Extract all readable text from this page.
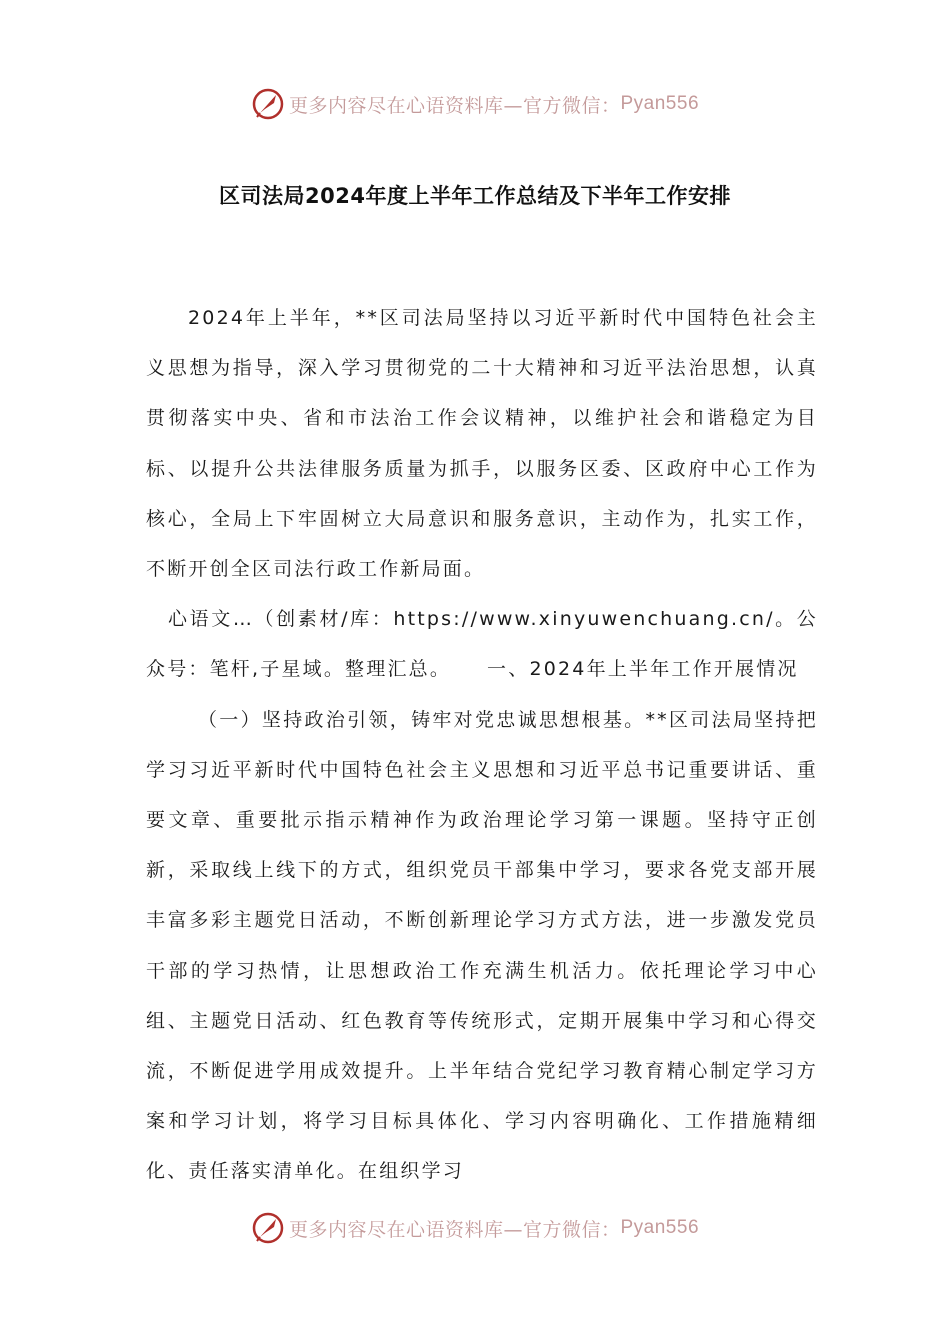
更多内容尽在心语资料库—官方微信： Pyan556
区司法局2024年度上半年工作总结及下半年工作安排

2024年上半年，**区司法局坚持以习近平新时代中国特色社会主义思想为指导，深入学习贯彻党的二十大精神和习近平法治思想，认真贯彻落实中央、省和市法治工作会议精神，以维护社会和谐稳定为目标、以提升公共法律服务质量为抓手，以服务区委、区政府中心工作为核心，全局上下牢固树立大局意识和服务意识，主动作为，扎实工作，不断开创全区司法行政工作新局面。

心语文…（创素材/库：https://www.xinyuwenchuang.cn/。公众号：笔杆,子星域。整理汇总。 一、2024年上半年工作开展情况

（一）坚持政治引领，铸牢对党忠诚思想根基。**区司法局坚持把学习习近平新时代中国特色社会主义思想和习近平总书记重要讲话、重要文章、重要批示指示精神作为政治理论学习第一课题。坚持守正创新，采取线上线下的方式，组织党员干部集中学习，要求各党支部开展丰富多彩主题党日活动，不断创新理论学习方式方法，进一步激发党员干部的学习热情，让思想政治工作充满生机活力。依托理论学习中心组、主题党日活动、红色教育等传统形式，定期开展集中学习和心得交流，不断促进学用成效提升。上半年结合党纪学习教育精心制定学习方案和学习计划，将学习目标具体化、学习内容明确化、工作措施精细化、责任落实清单化。在组织学习

更多内容尽在心语资料库—官方微信： Pyan556
